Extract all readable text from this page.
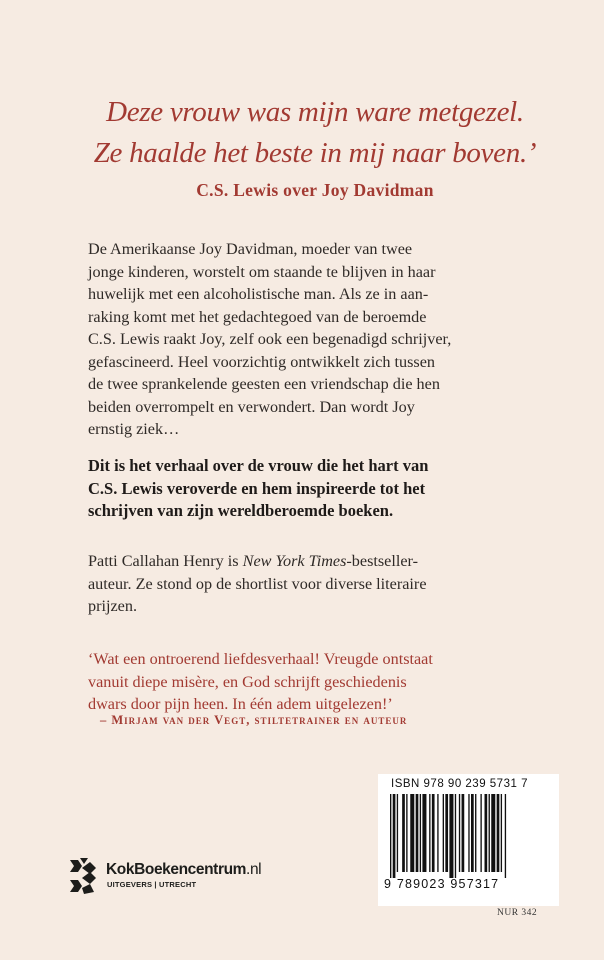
Deze vrouw was mijn ware metgezel.
Ze haalde het beste in mij naar boven.’
C.S. Lewis over Joy Davidman
De Amerikaanse Joy Davidman, moeder van twee
jonge kinderen, worstelt om staande te blijven in haar
huwelijk met een alcoholistische man. Als ze in aan-
raking komt met het gedachtegoed van de beroemde
C.S. Lewis raakt Joy, zelf ook een begenadigd schrijver,
gefascineerd. Heel voorzichtig ontwikkelt zich tussen
de twee sprankelende geesten een vriendschap die hen
beiden overrompelt en verwondert. Dan wordt Joy
ernstig ziek…
Dit is het verhaal over de vrouw die het hart van
C.S. Lewis veroverde en hem inspireerde tot het
schrijven van zijn wereldberoemde boeken.
Patti Callahan Henry is New York Times-bestseller-
auteur. Ze stond op de shortlist voor diverse literaire
prijzen.
‘Wat een ontroerend liefdesverhaal! Vreugde ontstaat
vanuit diepe misère, en God schrijft geschiedenis
dwars door pijn heen. In één adem uitgelezen!’
– Mirjam van der Vegt, stiltetrainer en auteur
KokBoekencentrum.nl
UITGEVERS | UTRECHT
ISBN 978 90 239 5731 7
9 789023 957317
NUR 342
